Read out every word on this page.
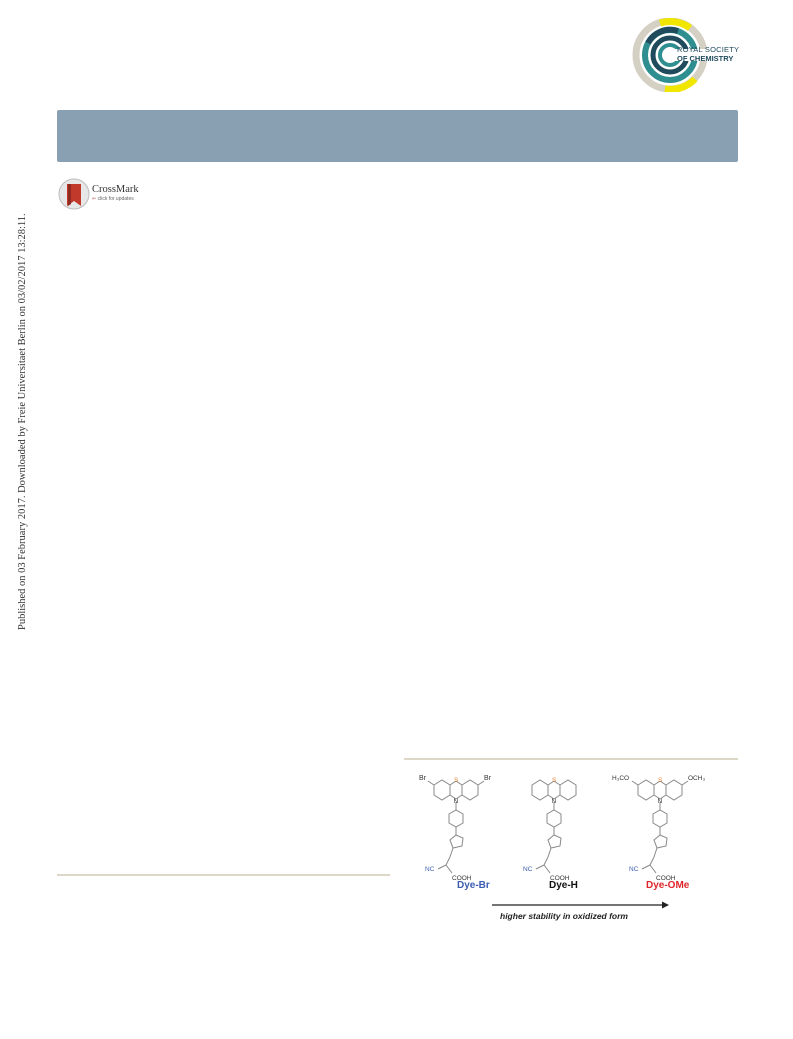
ROYAL SOCIETY
OF CHEMISTRY
CrossMark
⇐ click for updates
Published on 03 February 2017. Downloaded by Freie Universitaet Berlin on 03/02/2017 13:28:11.
Br	Br
S
N
NC
COOH
S
N
NC
COOH
H₃CO	OCH₃
S
N
NC
COOH
Dye-Br	Dye-H	Dye-OMe
higher stability in oxidized form
